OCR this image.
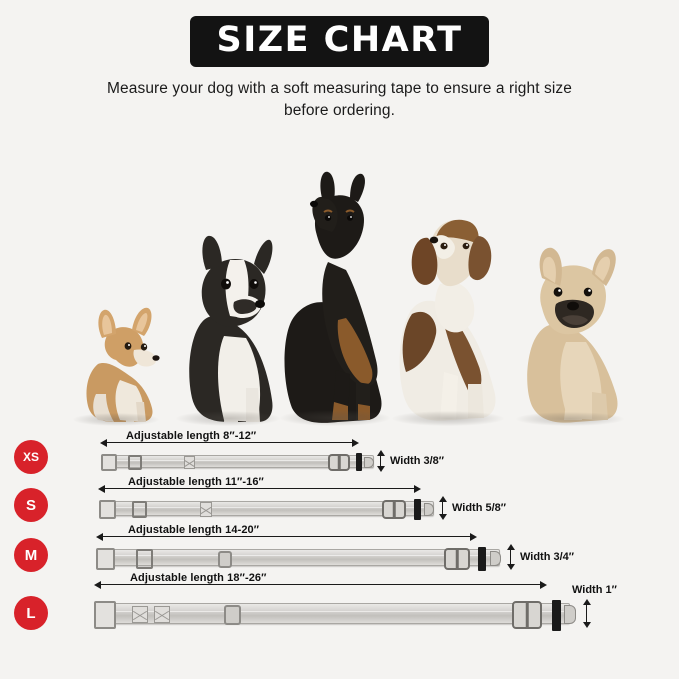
SIZE CHART
Measure your dog with a soft measuring tape to ensure a right size before ordering.
XS
Adjustable length 8″-12″
Width 3/8″
S
Adjustable length 11″-16″
Width 5/8″
M
Adjustable length 14-20″
Width 3/4″
L
Adjustable length 18″-26″
Width 1″
